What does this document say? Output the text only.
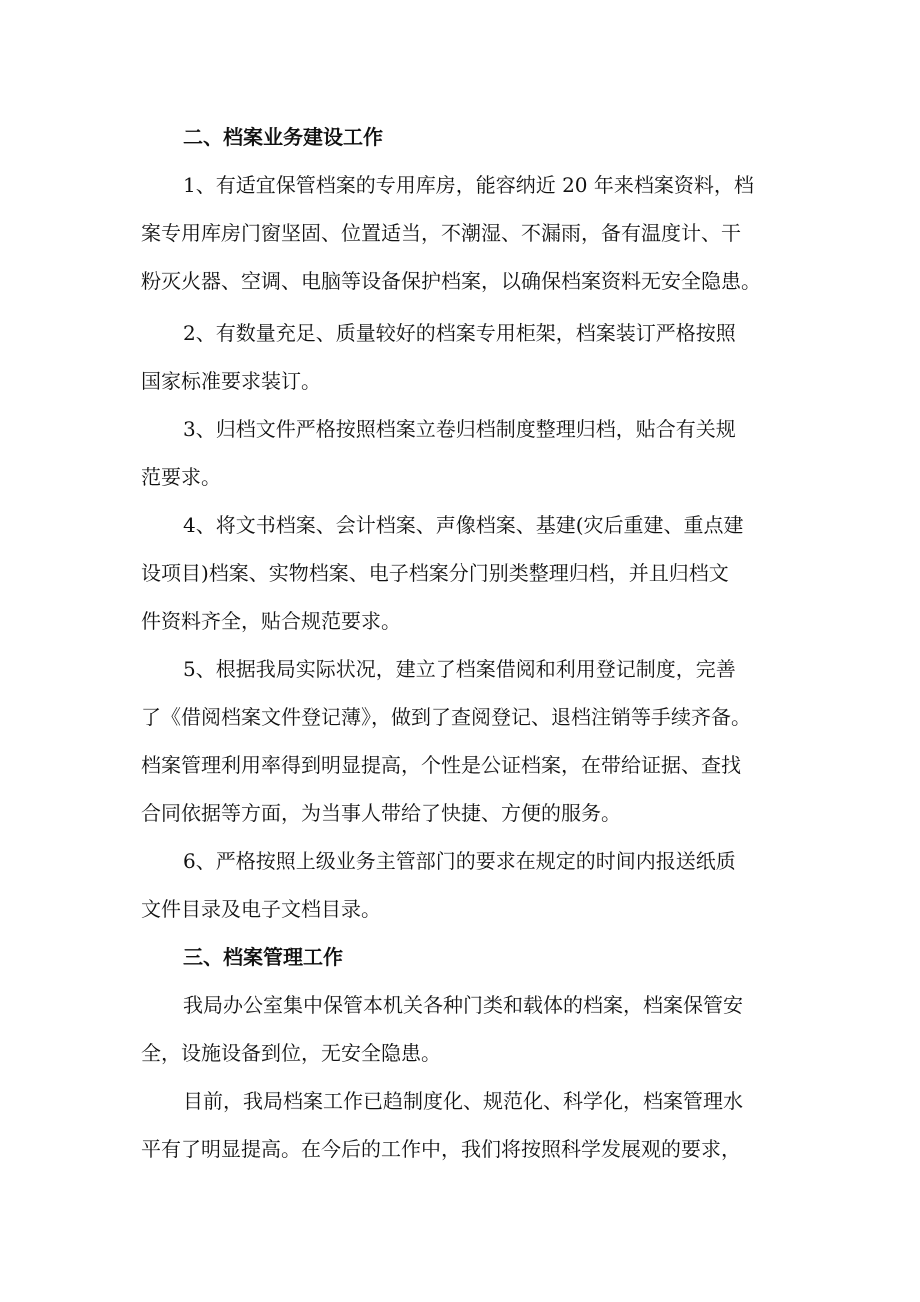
二、档案业务建设工作
1、有适宜保管档案的专用库房，能容纳近 20 年来档案资料，档
案专用库房门窗坚固、位置适当，不潮湿、不漏雨，备有温度计、干
粉灭火器、空调、电脑等设备保护档案，以确保档案资料无安全隐患。
2、有数量充足、质量较好的档案专用柜架，档案装订严格按照
国家标准要求装订。
3、归档文件严格按照档案立卷归档制度整理归档，贴合有关规
范要求。
4、将文书档案、会计档案、声像档案、基建(灾后重建、重点建
设项目)档案、实物档案、电子档案分门别类整理归档，并且归档文
件资料齐全，贴合规范要求。
5、根据我局实际状况，建立了档案借阅和利用登记制度，完善
了《借阅档案文件登记薄》，做到了查阅登记、退档注销等手续齐备。
档案管理利用率得到明显提高，个性是公证档案，在带给证据、查找
合同依据等方面，为当事人带给了快捷、方便的服务。
6、严格按照上级业务主管部门的要求在规定的时间内报送纸质
文件目录及电子文档目录。
三、档案管理工作
我局办公室集中保管本机关各种门类和载体的档案，档案保管安
全，设施设备到位，无安全隐患。
目前，我局档案工作已趋制度化、规范化、科学化，档案管理水
平有了明显提高。在今后的工作中，我们将按照科学发展观的要求，
